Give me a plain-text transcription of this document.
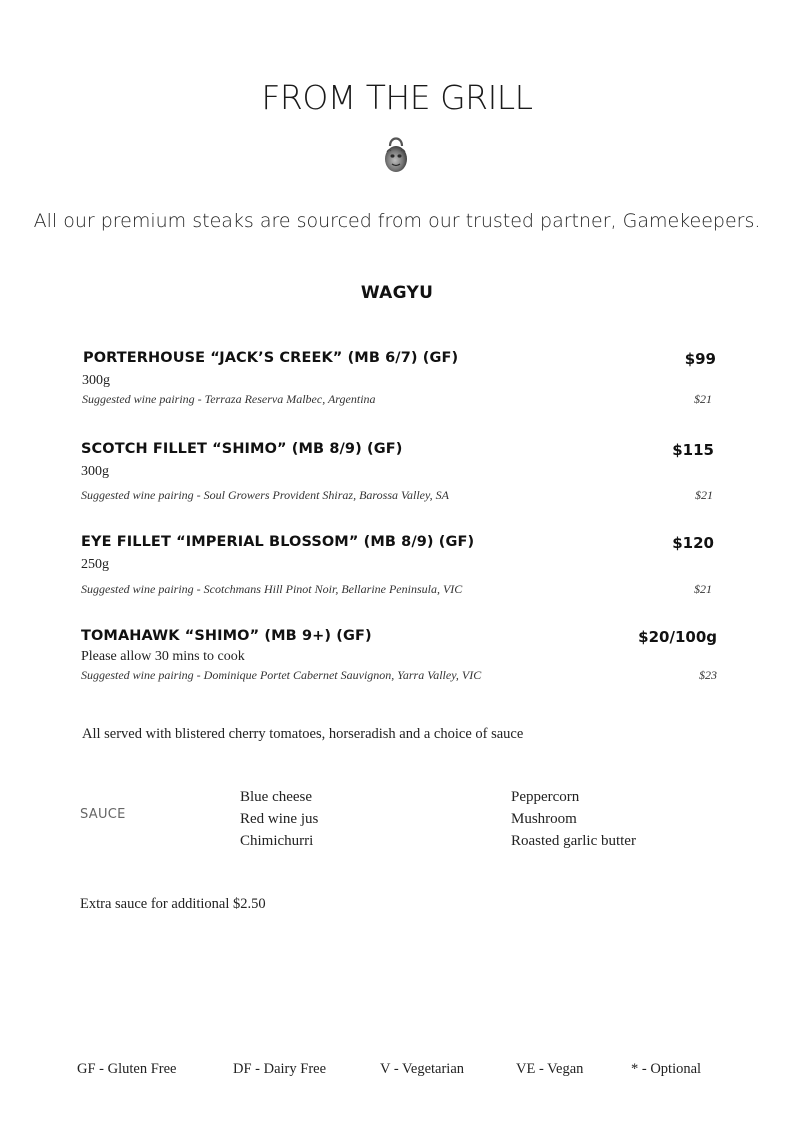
FROM THE GRILL
All our premium steaks are sourced from our trusted partner, Gamekeepers.
WAGYU
PORTERHOUSE “JACK’S CREEK” (MB 6/7) (GF)	$99
300g
Suggested wine pairing - Terraza Reserva Malbec, Argentina	$21
SCOTCH FILLET “SHIMO” (MB 8/9) (GF)	$115
300g
Suggested wine pairing - Soul Growers Provident Shiraz, Barossa Valley, SA	$21
EYE FILLET “IMPERIAL BLOSSOM” (MB 8/9) (GF)	$120
250g
Suggested wine pairing - Scotchmans Hill Pinot Noir, Bellarine Peninsula, VIC	$21
TOMAHAWK “SHIMO” (MB 9+) (GF)	$20/100g
Please allow 30 mins to cook
Suggested wine pairing - Dominique Portet Cabernet Sauvignon, Yarra Valley, VIC	$23
All served with blistered cherry tomatoes, horseradish and a choice of sauce
SAUCE
Blue cheese
Red wine jus
Chimichurri
Peppercorn
Mushroom
Roasted garlic butter
Extra sauce for additional $2.50
GF - Gluten Free	DF - Dairy Free	V - Vegetarian	VE - Vegan	* - Optional
